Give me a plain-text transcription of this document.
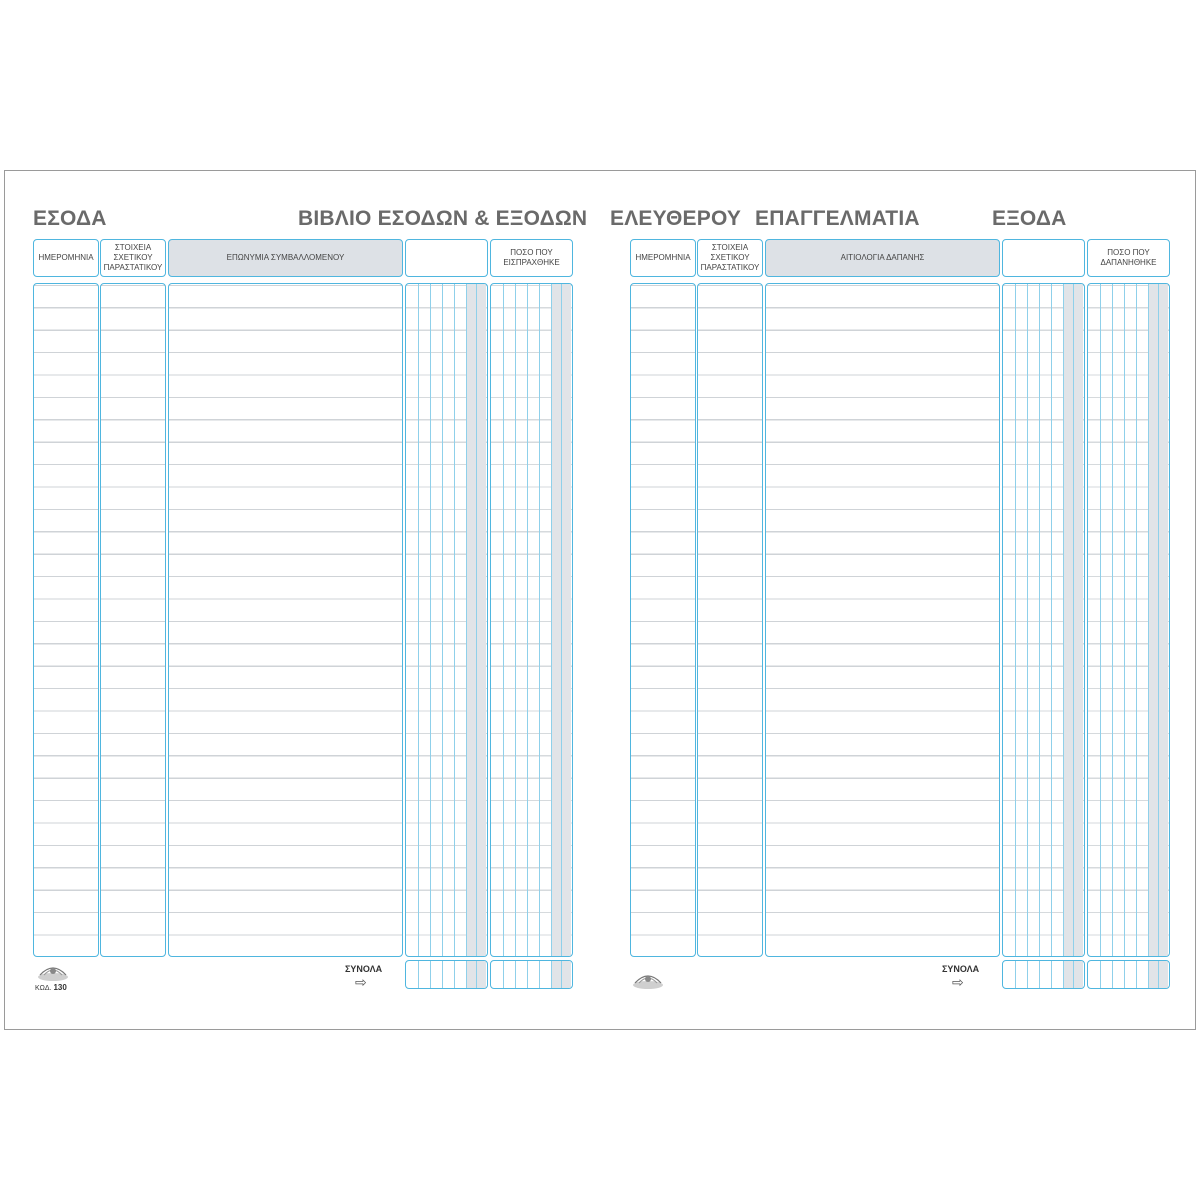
ΕΣΟΔΑ	ΒΙΒΛΙΟ ΕΣΟΔΩΝ & ΕΞΟΔΩΝ
ΗΜΕΡΟΜΗΝΙΑ
ΣΤΟΙΧΕΙΑ ΣΧΕΤΙΚΟΥ ΠΑΡΑΣΤΑΤΙΚΟΥ
ΕΠΩΝΥΜΙΑ ΣΥΜΒΑΛΛΟΜΕΝΟΥ
ΠΟΣΟ ΠΟΥ ΕΙΣΠΡΑΧΘΗΚΕ
ΣΥΝΟΛΑ
⇨
ΚΩΔ. 130
ΕΛΕΥΘΕΡΟΥ ΕΠΑΓΓΕΛΜΑΤΙΑ	ΕΞΟΔΑ
ΗΜΕΡΟΜΗΝΙΑ
ΣΤΟΙΧΕΙΑ ΣΧΕΤΙΚΟΥ ΠΑΡΑΣΤΑΤΙΚΟΥ
ΑΙΤΙΟΛΟΓΙΑ ΔΑΠΑΝΗΣ
ΠΟΣΟ ΠΟΥ ΔΑΠΑΝΗΘΗΚΕ
ΣΥΝΟΛΑ
⇨
